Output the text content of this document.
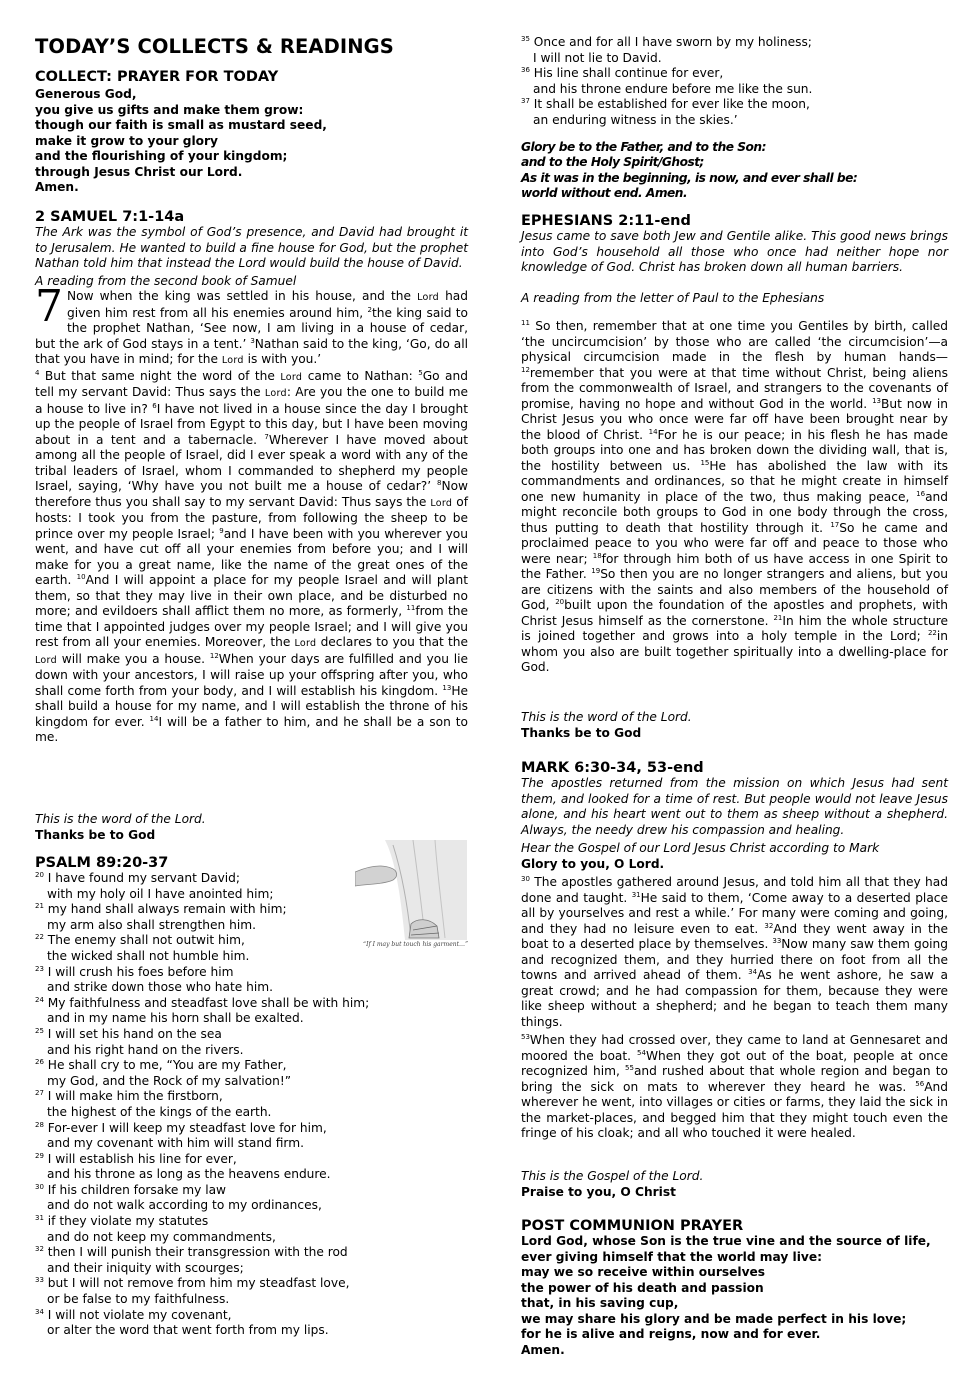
TODAY’S COLLECTS & READINGS
COLLECT: PRAYER FOR TODAY
Generous God,
you give us gifts and make them grow:
though our faith is small as mustard seed,
make it grow to your glory
and the flourishing of your kingdom;
through Jesus Christ our Lord.
Amen.
2 SAMUEL 7:1-14a

The Ark was the symbol of God’s presence, and David had brought it to Jerusalem. He wanted to build a fine house for God, but the prophet Nathan told him that instead the Lord would build the house of David.

A reading from the second book of Samuel

7 Now when the king was settled in his house, and the Lord had given him rest from all his enemies around him, $^2$the king said to the prophet Nathan, ‘See now, I am living in a house of cedar, but the ark of God stays in a tent.’ $^3$Nathan said to the king, ‘Go, do all that you have in mind; for the Lord is with you.’

$^4$ But that same night the word of the Lord came to Nathan: $^5$Go and tell my servant David: Thus says the Lord: Are you the one to build me a house to live in? $^6$I have not lived in a house since the day I brought up the people of Israel from Egypt to this day, but I have been moving about in a tent and a tabernacle. $^7$Wherever I have moved about among all the people of Israel, did I ever speak a word with any of the tribal leaders of Israel, whom I commanded to shepherd my people Israel, saying, ‘Why have you not built me a house of cedar?’ $^8$Now therefore thus you shall say to my servant David: Thus says the Lord of hosts: I took you from the pasture, from following the sheep to be prince over my people Israel; $^9$and I have been with you wherever you went, and have cut off all your enemies from before you; and I will make for you a great name, like the name of the great ones of the earth. $^{10}$And I will appoint a place for my people Israel and will plant them, so that they may live in their own place, and be disturbed no more; and evildoers shall afflict them no more, as formerly, $^{11}$from the time that I appointed judges over my people Israel; and I will give you rest from all your enemies. Moreover, the Lord declares to you that the Lord will make you a house. $^{12}$When your days are fulfilled and you lie down with your ancestors, I will raise up your offspring after you, who shall come forth from your body, and I will establish his kingdom. $^{13}$He shall build a house for my name, and I will establish the throne of his kingdom for ever. $^{14}$I will be a father to him, and he shall be a son to me.

This is the word of the Lord.

Thanks be to God

PSALM 89:20-37
$^{20}$ I have found my servant David;
with my holy oil I have anointed him;
$^{21}$ my hand shall always remain with him;
my arm also shall strengthen him.
$^{22}$ The enemy shall not outwit him,
the wicked shall not humble him.
$^{23}$ I will crush his foes before him
and strike down those who hate him.
$^{24}$ My faithfulness and steadfast love shall be with him;
and in my name his horn shall be exalted.
$^{25}$ I will set his hand on the sea
and his right hand on the rivers.
$^{26}$ He shall cry to me, “You are my Father,
my God, and the Rock of my salvation!”
$^{27}$ I will make him the firstborn,
the highest of the kings of the earth.
$^{28}$ For-ever I will keep my steadfast love for him,
and my covenant with him will stand firm.
$^{29}$ I will establish his line for ever,
and his throne as long as the heavens endure.
$^{30}$ If his children forsake my law
and do not walk according to my ordinances,
$^{31}$ if they violate my statutes
and do not keep my commandments,
$^{32}$ then I will punish their transgression with the rod
and their iniquity with scourges;
$^{33}$ but I will not remove from him my steadfast love,
or be false to my faithfulness.
$^{34}$ I will not violate my covenant,
or alter the word that went forth from my lips.
“If I may but touch his garment…”
$^{35}$ Once and for all I have sworn by my holiness;
I will not lie to David.
$^{36}$ His line shall continue for ever,
and his throne endure before me like the sun.
$^{37}$ It shall be established for ever like the moon,
an enduring witness in the skies.’
Glory be to the Father, and to the Son:
and to the Holy Spirit/Ghost;
As it was in the beginning, is now, and ever shall be:
world without end. Amen.
EPHESIANS 2:11-end

Jesus came to save both Jew and Gentile alike. This good news brings into God’s household all those who once had neither hope nor knowledge of God. Christ has broken down all human barriers.

A reading from the letter of Paul to the Ephesians

$^{11}$ So then, remember that at one time you Gentiles by birth, called ‘the uncircumcision’ by those who are called ‘the circumcision’—a physical circumcision made in the flesh by human hands— $^{12}$remember that you were at that time without Christ, being aliens from the commonwealth of Israel, and strangers to the covenants of promise, having no hope and without God in the world. $^{13}$But now in Christ Jesus you who once were far off have been brought near by the blood of Christ. $^{14}$For he is our peace; in his flesh he has made both groups into one and has broken down the dividing wall, that is, the hostility between us. $^{15}$He has abolished the law with its commandments and ordinances, so that he might create in himself one new humanity in place of the two, thus making peace, $^{16}$and might reconcile both groups to God in one body through the cross, thus putting to death that hostility through it. $^{17}$So he came and proclaimed peace to you who were far off and peace to those who were near; $^{18}$for through him both of us have access in one Spirit to the Father. $^{19}$So then you are no longer strangers and aliens, but you are citizens with the saints and also members of the household of God, $^{20}$built upon the foundation of the apostles and prophets, with Christ Jesus himself as the cornerstone. $^{21}$In him the whole structure is joined together and grows into a holy temple in the Lord; $^{22}$in whom you also are built together spiritually into a dwelling-place for God.

This is the word of the Lord.

Thanks be to God

MARK 6:30-34, 53-end

The apostles returned from the mission on which Jesus had sent them, and looked for a time of rest. But people would not leave Jesus alone, and his heart went out to them as sheep without a shepherd. Always, the needy drew his compassion and healing.

Hear the Gospel of our Lord Jesus Christ according to Mark

Glory to you, O Lord.

$^{30}$ The apostles gathered around Jesus, and told him all that they had done and taught. $^{31}$He said to them, ‘Come away to a deserted place all by yourselves and rest a while.’ For many were coming and going, and they had no leisure even to eat. $^{32}$And they went away in the boat to a deserted place by themselves. $^{33}$Now many saw them going and recognized them, and they hurried there on foot from all the towns and arrived ahead of them. $^{34}$As he went ashore, he saw a great crowd; and he had compassion for them, because they were like sheep without a shepherd; and he began to teach them many things.

$^{53}$When they had crossed over, they came to land at Gennesaret and moored the boat. $^{54}$When they got out of the boat, people at once recognized him, $^{55}$and rushed about that whole region and began to bring the sick on mats to wherever they heard he was. $^{56}$And wherever he went, into villages or cities or farms, they laid the sick in the market-places, and begged him that they might touch even the fringe of his cloak; and all who touched it were healed.

This is the Gospel of the Lord.

Praise to you, O Christ

POST COMMUNION PRAYER
Lord God, whose Son is the true vine and the source of life,
ever giving himself that the world may live:
may we so receive within ourselves
the power of his death and passion
that, in his saving cup,
we may share his glory and be made perfect in his love;
for he is alive and reigns, now and for ever.
Amen.
